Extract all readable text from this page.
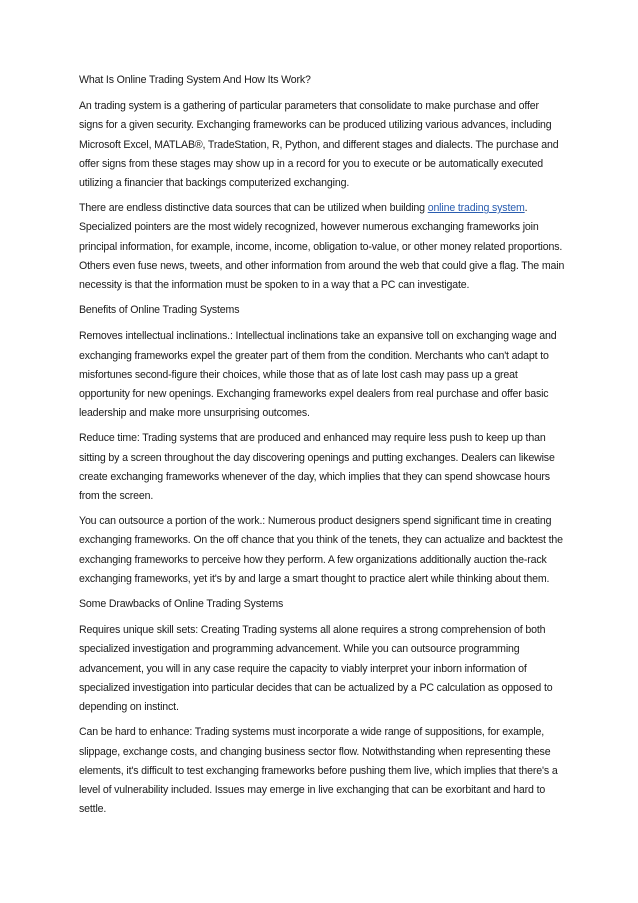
What Is Online Trading System And How Its Work?

An trading system is a gathering of particular parameters that consolidate to make purchase and offer signs for a given security. Exchanging frameworks can be produced utilizing various advances, including Microsoft Excel, MATLAB®, TradeStation, R, Python, and different stages and dialects. The purchase and offer signs from these stages may show up in a record for you to execute or be automatically executed utilizing a financier that backings computerized exchanging.

There are endless distinctive data sources that can be utilized when building online trading system. Specialized pointers are the most widely recognized, however numerous exchanging frameworks join principal information, for example, income, income, obligation to-value, or other money related proportions. Others even fuse news, tweets, and other information from around the web that could give a flag. The main necessity is that the information must be spoken to in a way that a PC can investigate.

Benefits of Online Trading Systems

Removes intellectual inclinations.: Intellectual inclinations take an expansive toll on exchanging wage and exchanging frameworks expel the greater part of them from the condition. Merchants who can't adapt to misfortunes second-figure their choices, while those that as of late lost cash may pass up a great opportunity for new openings. Exchanging frameworks expel dealers from real purchase and offer basic leadership and make more unsurprising outcomes.

Reduce time: Trading systems that are produced and enhanced may require less push to keep up than sitting by a screen throughout the day discovering openings and putting exchanges. Dealers can likewise create exchanging frameworks whenever of the day, which implies that they can spend showcase hours from the screen.

You can outsource a portion of the work.: Numerous product designers spend significant time in creating exchanging frameworks. On the off chance that you think of the tenets, they can actualize and backtest the exchanging frameworks to perceive how they perform. A few organizations additionally auction the-rack exchanging frameworks, yet it's by and large a smart thought to practice alert while thinking about them.

Some Drawbacks of Online Trading Systems

Requires unique skill sets: Creating Trading systems all alone requires a strong comprehension of both specialized investigation and programming advancement. While you can outsource programming advancement, you will in any case require the capacity to viably interpret your inborn information of specialized investigation into particular decides that can be actualized by a PC calculation as opposed to depending on instinct.

Can be hard to enhance: Trading systems must incorporate a wide range of suppositions, for example, slippage, exchange costs, and changing business sector flow. Notwithstanding when representing these elements, it's difficult to test exchanging frameworks before pushing them live, which implies that there's a level of vulnerability included. Issues may emerge in live exchanging that can be exorbitant and hard to settle.
